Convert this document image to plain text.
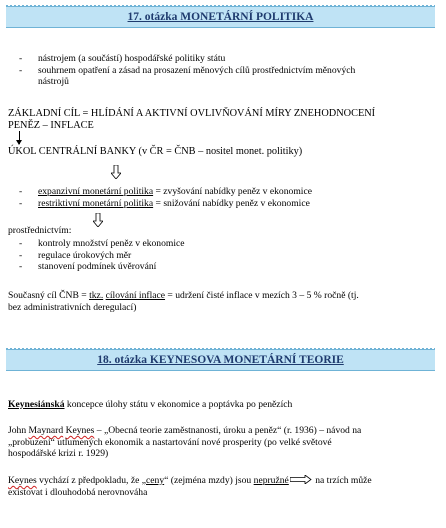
17. otázka MONETÁRNÍ POLITIKA
- nástrojem (a součástí) hospodářské politiky státu
- souhrnem opatření a zásad na prosazení měnových cílů prostřednictvím měnových nástrojů
ZÁKLADNÍ CÍL = HLÍDÁNÍ A AKTIVNÍ OVLIVŇOVÁNÍ MÍRY ZNEHODNOCENÍ
PENĚZ – INFLACE
ÚKOL CENTRÁLNÍ BANKY (v ČR = ČNB – nositel monet. politiky)
- expanzivní monetární politika = zvyšování nabídky peněz v ekonomice
- restriktivní monetární politika = snižování nabídky peněz v ekonomice
prostřednictvím:
- kontroly množství peněz v ekonomice
- regulace úrokových měr
- stanovení podmínek úvěrování
Současný cíl ČNB = tkz. cílování inflace = udržení čisté inflace v mezích 3 – 5 % ročně (tj.
bez administrativních deregulací)
18. otázka KEYNESOVA MONETÁRNÍ TEORIE
Keynesiánská koncepce úlohy státu v ekonomice a poptávka po penězích
John Maynard Keynes – „Obecná teorie zaměstnanosti, úroku a peněz“ (r. 1936) – návod na
„probuzení“ utlumených ekonomik a nastartování nové prosperity (po velké světové
hospodářské krizi r. 1929)
Keynes vychází z předpokladu, že „ceny“ (zejména mzdy) jsou nepružné	na trzích může
existovat i dlouhodobá nerovnováha
